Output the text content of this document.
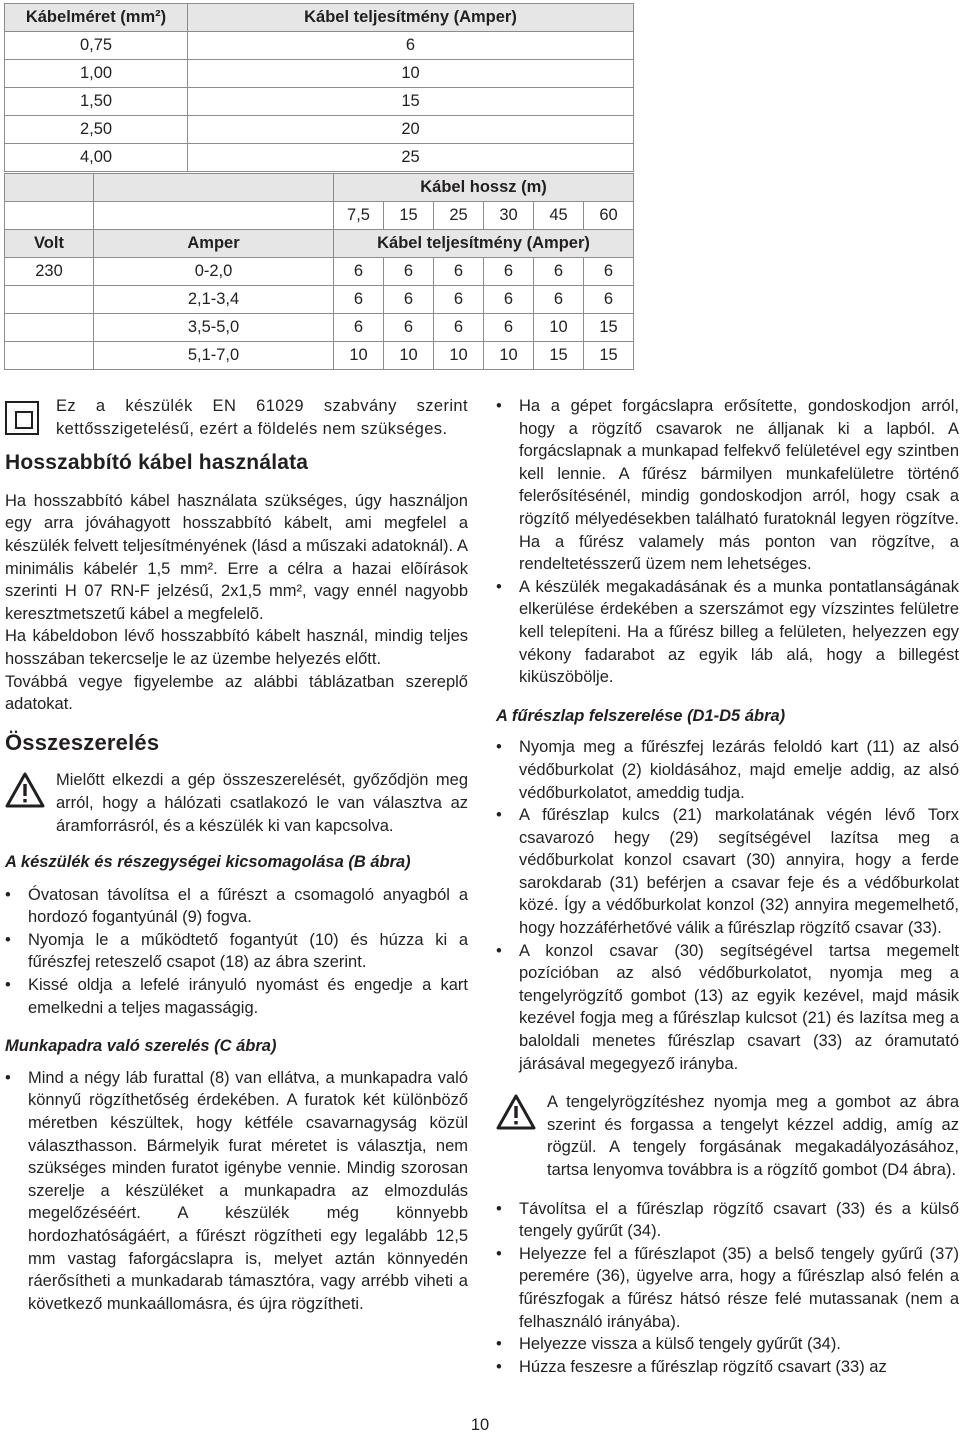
Kábelméret (mm²)	Kábel teljesítmény (Amper)
0,75	6
1,00	10
1,50	15
2,50	20
4,00	25
		Kábel hossz (m)					
		7,5	15	25	30	45	60
Volt	Amper	Kábel teljesítmény (Amper)					
230	0-2,0	6	6	6	6	6	6
	2,1-3,4	6	6	6	6	6	6
	3,5-5,0	6	6	6	6	10	15
	5,1-7,0	10	10	10	10	15	15

Ez a készülék EN 61029 szabvány szerint kettősszigetelésű, ezért a földelés nem szükséges.

Hosszabbító kábel használata

Ha hosszabbító kábel használata szükséges, úgy használjon egy arra jóváhagyott hosszabbító kábelt, ami megfelel a készülék felvett teljesítményének (lásd a műszaki adatoknál). A minimális kábelér 1,5 mm². Erre a célra a hazai elõírások szerinti H 07 RN-F jelzésű, 2x1,5 mm², vagy ennél nagyobb keresztmetszetű kábel a megfelelõ.

Ha kábeldobon lévő hosszabbító kábelt használ, mindig teljes hosszában tekercselje le az üzembe helyezés előtt.

Továbbá vegye figyelembe az alábbi táblázatban szereplő adatokat.

Összeszerelés

Mielőtt elkezdi a gép összeszerelését, győződjön meg arról, hogy a hálózati csatlakozó le van választva az áramforrásról, és a készülék ki van kapcsolva.

A készülék és részegységei kicsomagolása (B ábra)
• Óvatosan távolítsa el a fűrészt a csomagoló anyagból a hordozó fogantyúnál (9) fogva.
• Nyomja le a működtető fogantyút (10) és húzza ki a fűrészfej reteszelő csapot (18) az ábra szerint.
• Kissé oldja a lefelé irányuló nyomást és engedje a kart emelkedni a teljes magasságig.
Munkapadra való szerelés (C ábra)
• Mind a négy láb furattal (8) van ellátva, a munkapadra való könnyű rögzíthetőség érdekében. A furatok két különböző méretben készültek, hogy kétféle csavarnagyság közül választhasson. Bármelyik furat méretet is választja, nem szükséges minden furatot igénybe vennie. Mindig szorosan szerelje a készüléket a munkapadra az elmozdulás megelőzéséért. A készülék még könnyebb hordozhatóságáért, a fűrészt rögzítheti egy legalább 12,5 mm vastag faforgácslapra is, melyet aztán könnyedén ráerősítheti a munkadarab támasztóra, vagy arrébb viheti a következő munkaállomásra, és újra rögzítheti.
• Ha a gépet forgácslapra erősítette, gondoskodjon arról, hogy a rögzítő csavarok ne álljanak ki a lapból. A forgácslapnak a munkapad felfekvő felületével egy szintben kell lennie. A fűrész bármilyen munkafelületre történő felerősítésénél, mindig gondoskodjon arról, hogy csak a rögzítő mélyedésekben található furatoknál legyen rögzítve. Ha a fűrész valamely más ponton van rögzítve, a rendeltetésszerű üzem nem lehetséges.
• A készülék megakadásának és a munka pontatlanságának elkerülése érdekében a szerszámot egy vízszintes felületre kell telepíteni. Ha a fűrész billeg a felületen, helyezzen egy vékony fadarabot az egyik láb alá, hogy a billegést kiküszöbölje.
A fűrészlap felszerelése (D1-D5 ábra)
• Nyomja meg a fűrészfej lezárás feloldó kart (11) az alsó védőburkolat (2) kioldásához, majd emelje addig, az alsó védőburkolatot, ameddig tudja.
• A fűrészlap kulcs (21) markolatának végén lévő Torx csavarozó hegy (29) segítségével lazítsa meg a védőburkolat konzol csavart (30) annyira, hogy a ferde sarokdarab (31) beférjen a csavar feje és a védőburkolat közé. Így a védőburkolat konzol (32) annyira megemelhető, hogy hozzáférhetővé válik a fűrészlap rögzítő csavar (33).
• A konzol csavar (30) segítségével tartsa megemelt pozícióban az alsó védőburkolatot, nyomja meg a tengelyrögzítő gombot (13) az egyik kezével, majd másik kezével fogja meg a fűrészlap kulcsot (21) és lazítsa meg a baloldali menetes fűrészlap csavart (33) az óramutató járásával megegyező irányba.

A tengelyrögzítéshez nyomja meg a gombot az ábra szerint és forgassa a tengelyt kézzel addig, amíg az rögzül. A tengely forgásának megakadályozásához, tartsa lenyomva továbbra is a rögzítő gombot (D4 ábra).

• Távolítsa el a fűrészlap rögzítő csavart (33) és a külső tengely gyűrűt (34).
• Helyezze fel a fűrészlapot (35) a belső tengely gyűrű (37) peremére (36), ügyelve arra, hogy a fűrészlap alsó felén a fűrészfogak a fűrész hátsó része felé mutassanak (nem a felhasználó irányába).
• Helyezze vissza a külső tengely gyűrűt (34).
• Húzza feszesre a fűrészlap rögzítő csavart (33) az
10
